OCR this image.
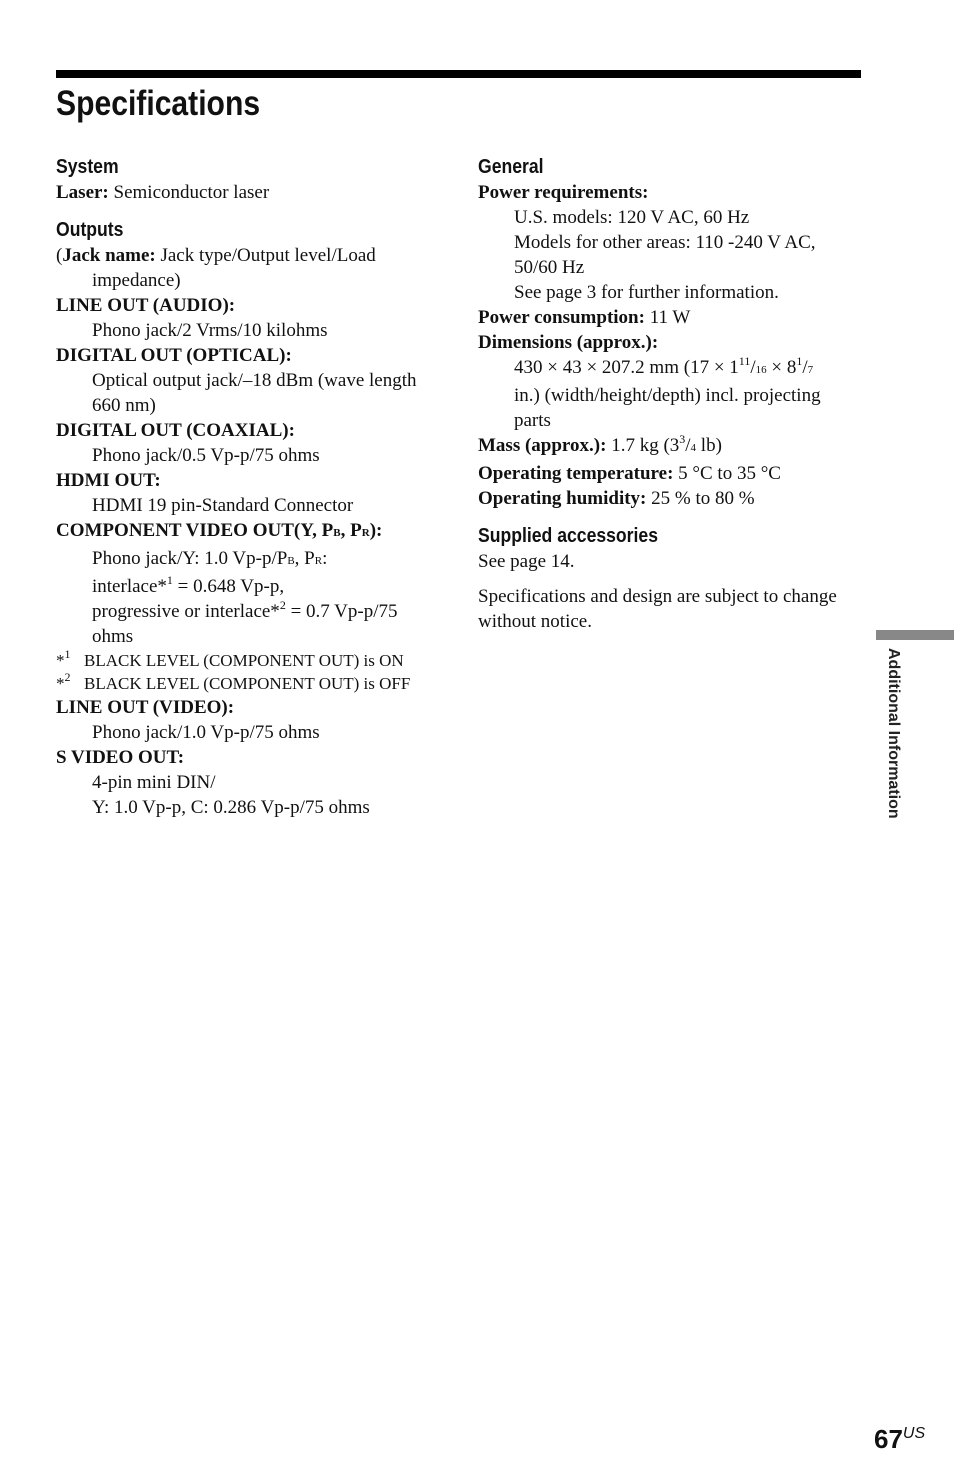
Specifications
System
Laser: Semiconductor laser
Outputs
(Jack name: Jack type/Output level/Load impedance)
LINE OUT (AUDIO):
Phono jack/2 Vrms/10 kilohms
DIGITAL OUT (OPTICAL):
Optical output jack/–18 dBm (wave length 660 nm)
DIGITAL OUT (COAXIAL):
Phono jack/0.5 Vp-p/75 ohms
HDMI OUT:
HDMI 19 pin-Standard Connector
COMPONENT VIDEO OUT(Y, PB, PR):
Phono jack/Y: 1.0 Vp-p/PB, PR:
interlace*$^1$ = 0.648 Vp-p,
progressive or interlace*$^2$ = 0.7 Vp-p/75
ohms
*$^1$ BLACK LEVEL (COMPONENT OUT) is ON
*$^2$ BLACK LEVEL (COMPONENT OUT) is OFF
LINE OUT (VIDEO):
Phono jack/1.0 Vp-p/75 ohms
S VIDEO OUT:
4-pin mini DIN/
Y: 1.0 Vp-p, C: 0.286 Vp-p/75 ohms
General
Power requirements:
U.S. models: 120 V AC, 60 Hz
Models for other areas: 110 -240 V AC,
50/60 Hz
See page 3 for further information.
Power consumption: 11 W
Dimensions (approx.):
430 × 43 × 207.2 mm ($17 \times 1^{11}/16 \times 8^1/7$
in.) (width/height/depth) incl. projecting
parts
Mass (approx.): 1.7 kg ($3^3/4$ lb)
Operating temperature: 5 °C to 35 °C
Operating humidity: 25 % to 80 %
Supplied accessories
See page 14.
Specifications and design are subject to change without notice.
Additional Information
$67^{US}$
